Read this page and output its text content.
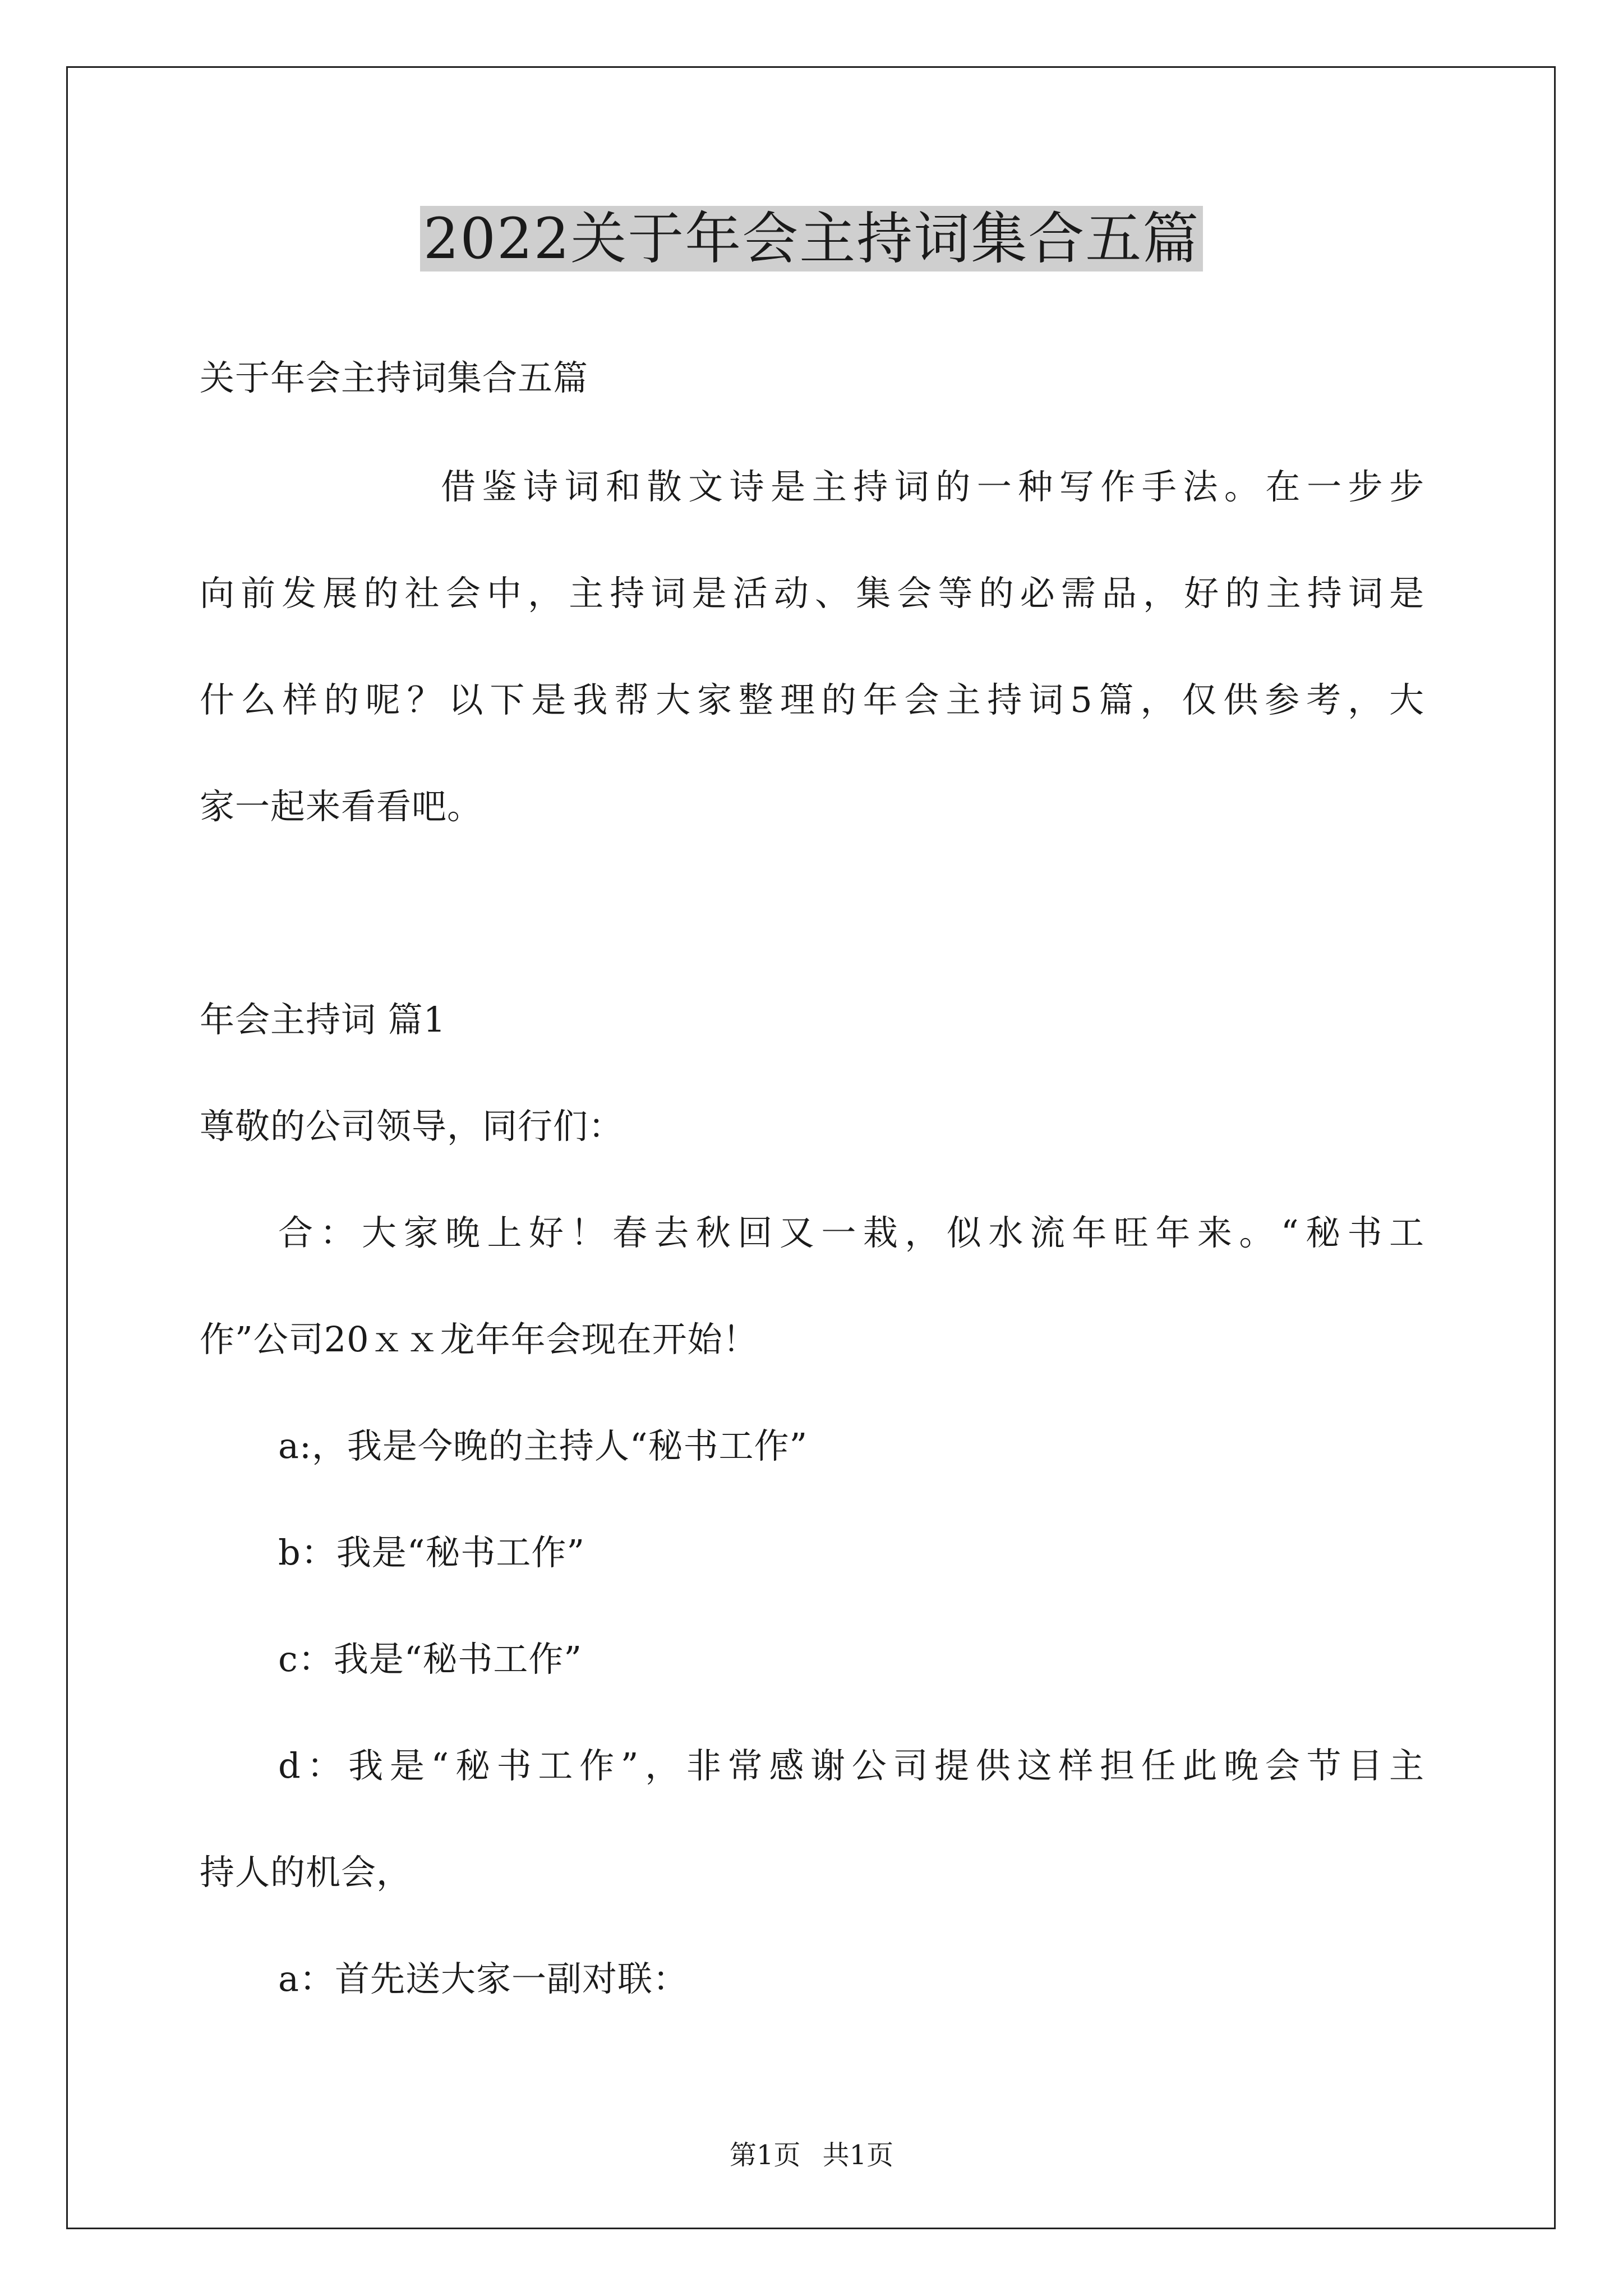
2022关于年会主持词集合五篇
关于年会主持词集合五篇
借鉴诗词和散文诗是主持词的一种写作手法。在一步步
向前发展的社会中，主持词是活动、集会等的必需品，好的主持词是
什么样的呢？以下是我帮大家整理的年会主持词5篇，仅供参考，大
家一起来看看吧。
年会主持词 篇1
尊敬的公司领导，同行们：
合：大家晚上好！春去秋回又一栽，似水流年旺年来。“秘书工
作”公司20ｘｘ龙年年会现在开始！
a:，我是今晚的主持人“秘书工作”
b：我是“秘书工作”
c：我是“秘书工作”
d：我是“秘书工作”，非常感谢公司提供这样担任此晚会节目主
持人的机会，
a：首先送大家一副对联：
第1页 共1页
